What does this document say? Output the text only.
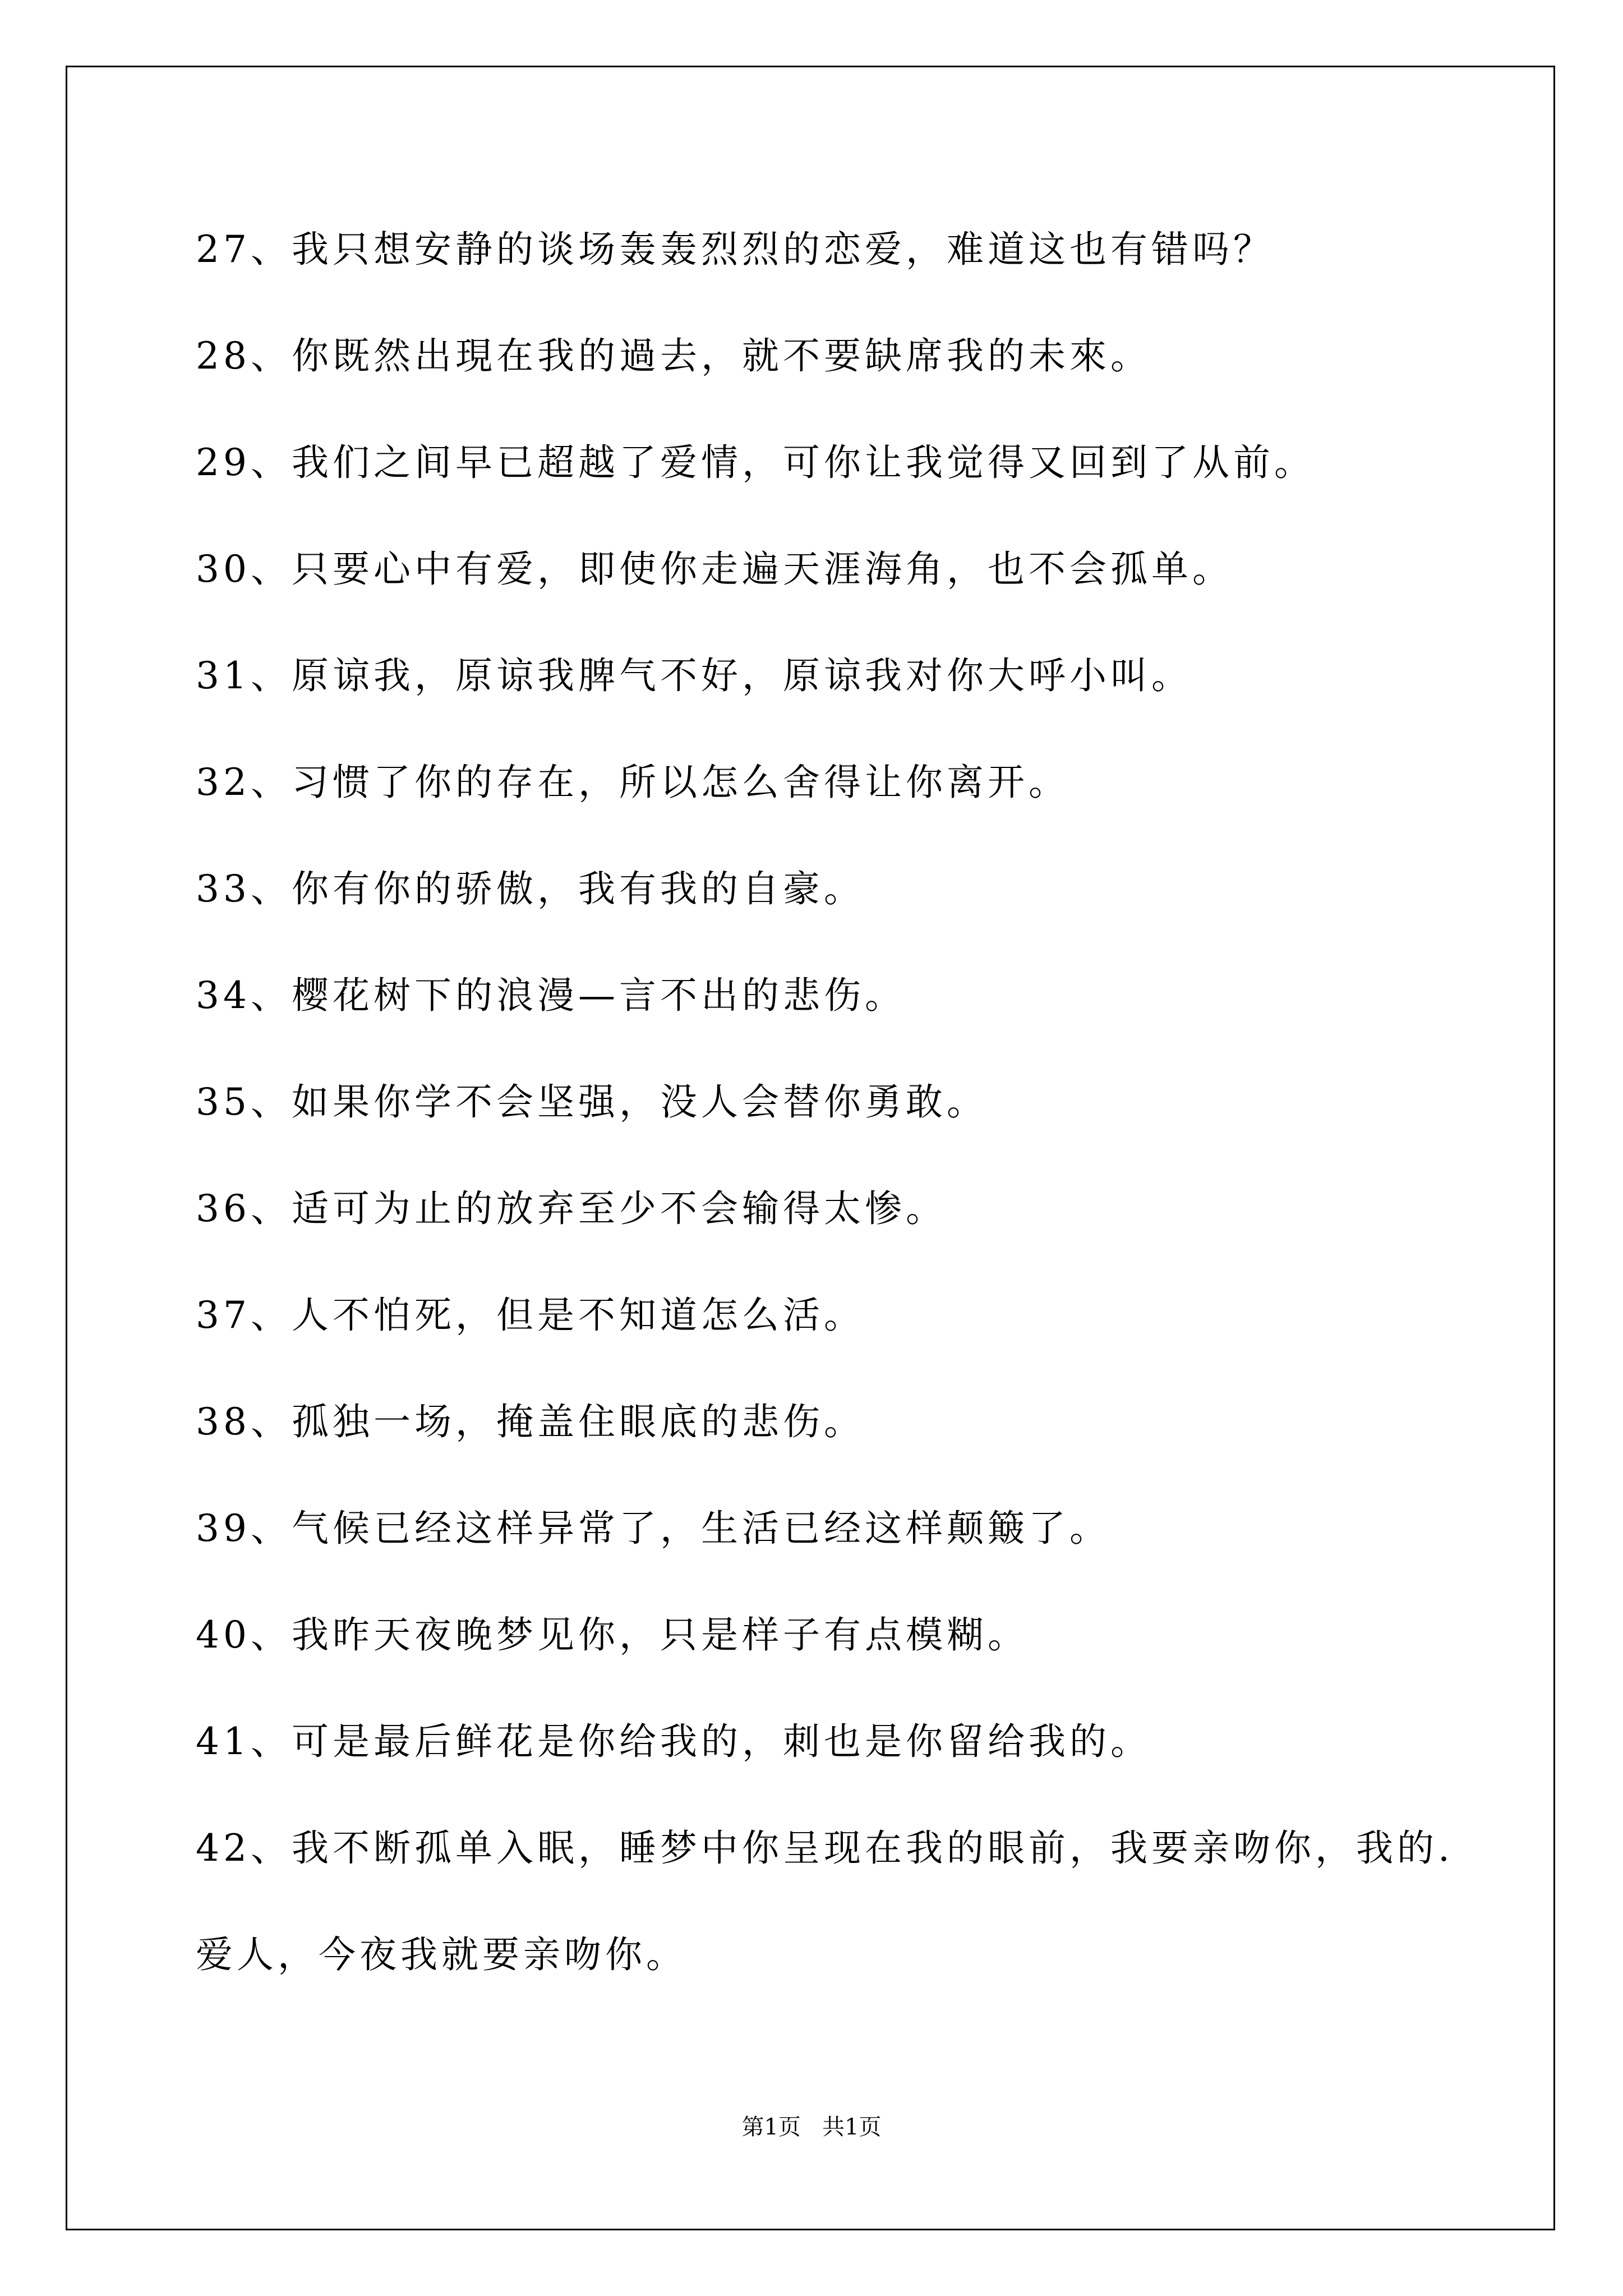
27、我只想安静的谈场轰轰烈烈的恋爱，难道这也有错吗？
28、你既然出現在我的過去，就不要缺席我的未來。
29、我们之间早已超越了爱情，可你让我觉得又回到了从前。
30、只要心中有爱，即使你走遍天涯海角，也不会孤单。
31、原谅我，原谅我脾气不好，原谅我对你大呼小叫。
32、习惯了你的存在，所以怎么舍得让你离开。
33、你有你的骄傲，我有我的自豪。
34、樱花树下的浪漫—言不出的悲伤。
35、如果你学不会坚强，没人会替你勇敢。
36、适可为止的放弃至少不会输得太惨。
37、人不怕死，但是不知道怎么活。
38、孤独一场，掩盖住眼底的悲伤。
39、气候已经这样异常了，生活已经这样颠簸了。
40、我昨天夜晚梦见你，只是样子有点模糊。
41、可是最后鲜花是你给我的，刺也是你留给我的。
42、我不断孤单入眠，睡梦中你呈现在我的眼前，我要亲吻你，我的.
爱人，今夜我就要亲吻你。
第1页   共1页
